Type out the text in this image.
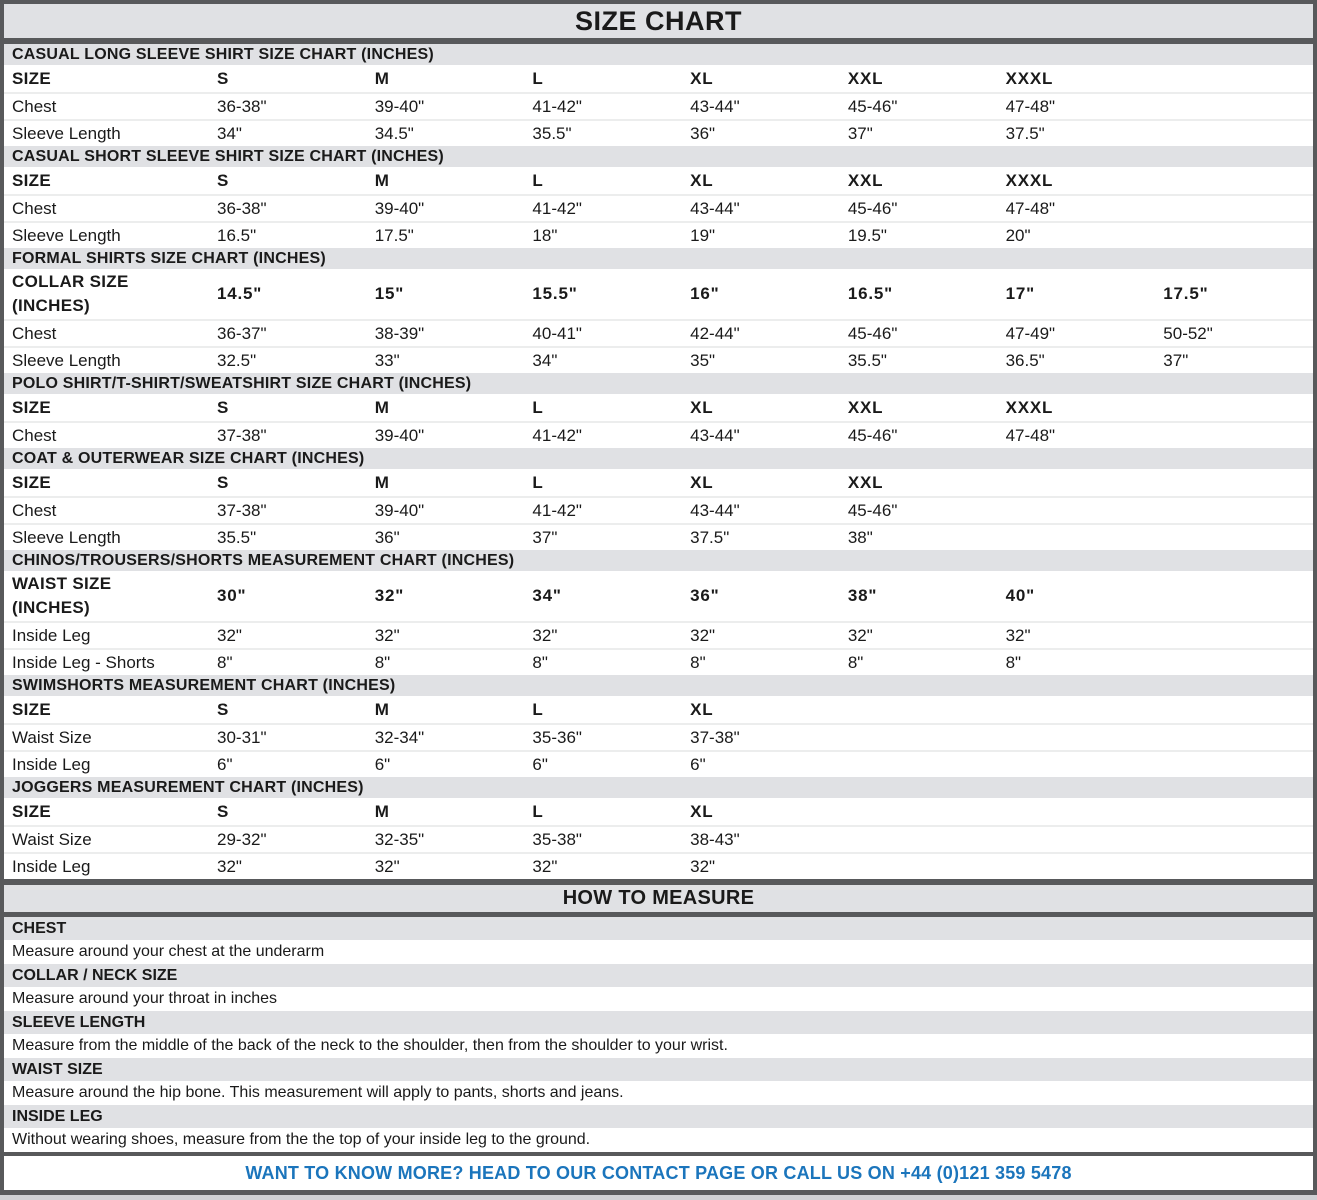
SIZE CHART
CASUAL LONG SLEEVE SHIRT SIZE CHART (INCHES)
SIZE	S	M	L	XL	XXL	XXXL
Chest	36-38"	39-40"	41-42"	43-44"	45-46"	47-48"
Sleeve Length	34"	34.5"	35.5"	36"	37"	37.5"
CASUAL SHORT SLEEVE SHIRT SIZE CHART (INCHES)
SIZE	S	M	L	XL	XXL	XXXL
Chest	36-38"	39-40"	41-42"	43-44"	45-46"	47-48"
Sleeve Length	16.5"	17.5"	18"	19"	19.5"	20"
FORMAL SHIRTS SIZE CHART (INCHES)
COLLAR SIZE
(INCHES)
14.5"	15"	15.5"	16"	16.5"	17"	17.5"
Chest	36-37"	38-39"	40-41"	42-44"	45-46"	47-49"	50-52"
Sleeve Length	32.5"	33"	34"	35"	35.5"	36.5"	37"
POLO SHIRT/T-SHIRT/SWEATSHIRT SIZE CHART (INCHES)
SIZE	S	M	L	XL	XXL	XXXL
Chest	37-38"	39-40"	41-42"	43-44"	45-46"	47-48"
COAT & OUTERWEAR SIZE CHART (INCHES)
SIZE	S	M	L	XL	XXL
Chest	37-38"	39-40"	41-42"	43-44"	45-46"
Sleeve Length	35.5"	36"	37"	37.5"	38"
CHINOS/TROUSERS/SHORTS MEASUREMENT CHART (INCHES)
WAIST SIZE
(INCHES)
30"	32"	34"	36"	38"	40"
Inside Leg	32"	32"	32"	32"	32"	32"
Inside Leg - Shorts	8"	8"	8"	8"	8"	8"
SWIMSHORTS MEASUREMENT CHART (INCHES)
SIZE	S	M	L	XL
Waist Size	30-31"	32-34"	35-36"	37-38"
Inside Leg	6"	6"	6"	6"
JOGGERS MEASUREMENT CHART (INCHES)
SIZE	S	M	L	XL
Waist Size	29-32"	32-35"	35-38"	38-43"
Inside Leg	32"	32"	32"	32"
HOW TO MEASURE
CHEST
Measure around your chest at the underarm
COLLAR / NECK SIZE
Measure around your throat in inches
SLEEVE LENGTH
Measure from the middle of the back of the neck to the shoulder, then from the shoulder to your wrist.
WAIST SIZE
Measure around the hip bone. This measurement will apply to pants, shorts and jeans.
INSIDE LEG
Without wearing shoes, measure from the the top of your inside leg to the ground.
WANT TO KNOW MORE? HEAD TO OUR CONTACT PAGE OR CALL US ON +44 (0)121 359 5478
